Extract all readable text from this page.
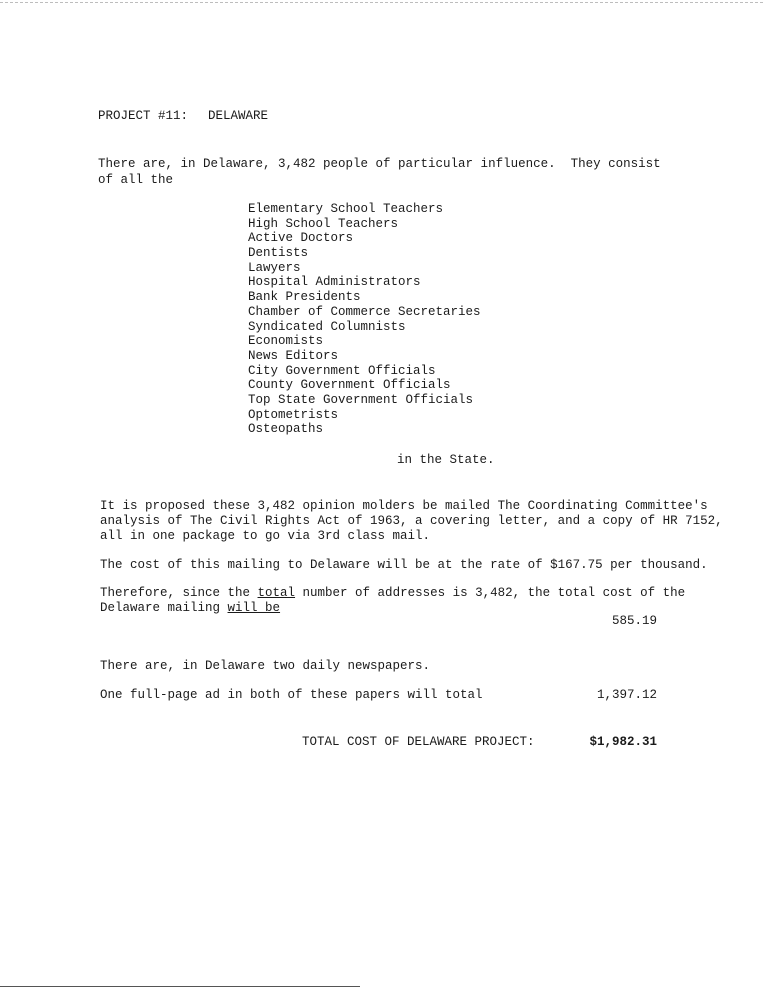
PROJECT #11: DELAWARE
There are, in Delaware, 3,482 people of particular influence.  They consist
of all the
Elementary School Teachers
High School Teachers
Active Doctors
Dentists
Lawyers
Hospital Administrators
Bank Presidents
Chamber of Commerce Secretaries
Syndicated Columnists
Economists
News Editors
City Government Officials
County Government Officials
Top State Government Officials
Optometrists
Osteopaths
in the State.
It is proposed these 3,482 opinion molders be mailed The Coordinating Committee's
analysis of The Civil Rights Act of 1963, a covering letter, and a copy of HR 7152,
all in one package to go via 3rd class mail.
The cost of this mailing to Delaware will be at the rate of $167.75 per thousand.
Therefore, since the total number of addresses is 3,482, the total cost of the
Delaware mailing will be
585.19
There are, in Delaware two daily newspapers.
One full-page ad in both of these papers will total	1,397.12
TOTAL COST OF DELAWARE PROJECT:	$1,982.31
